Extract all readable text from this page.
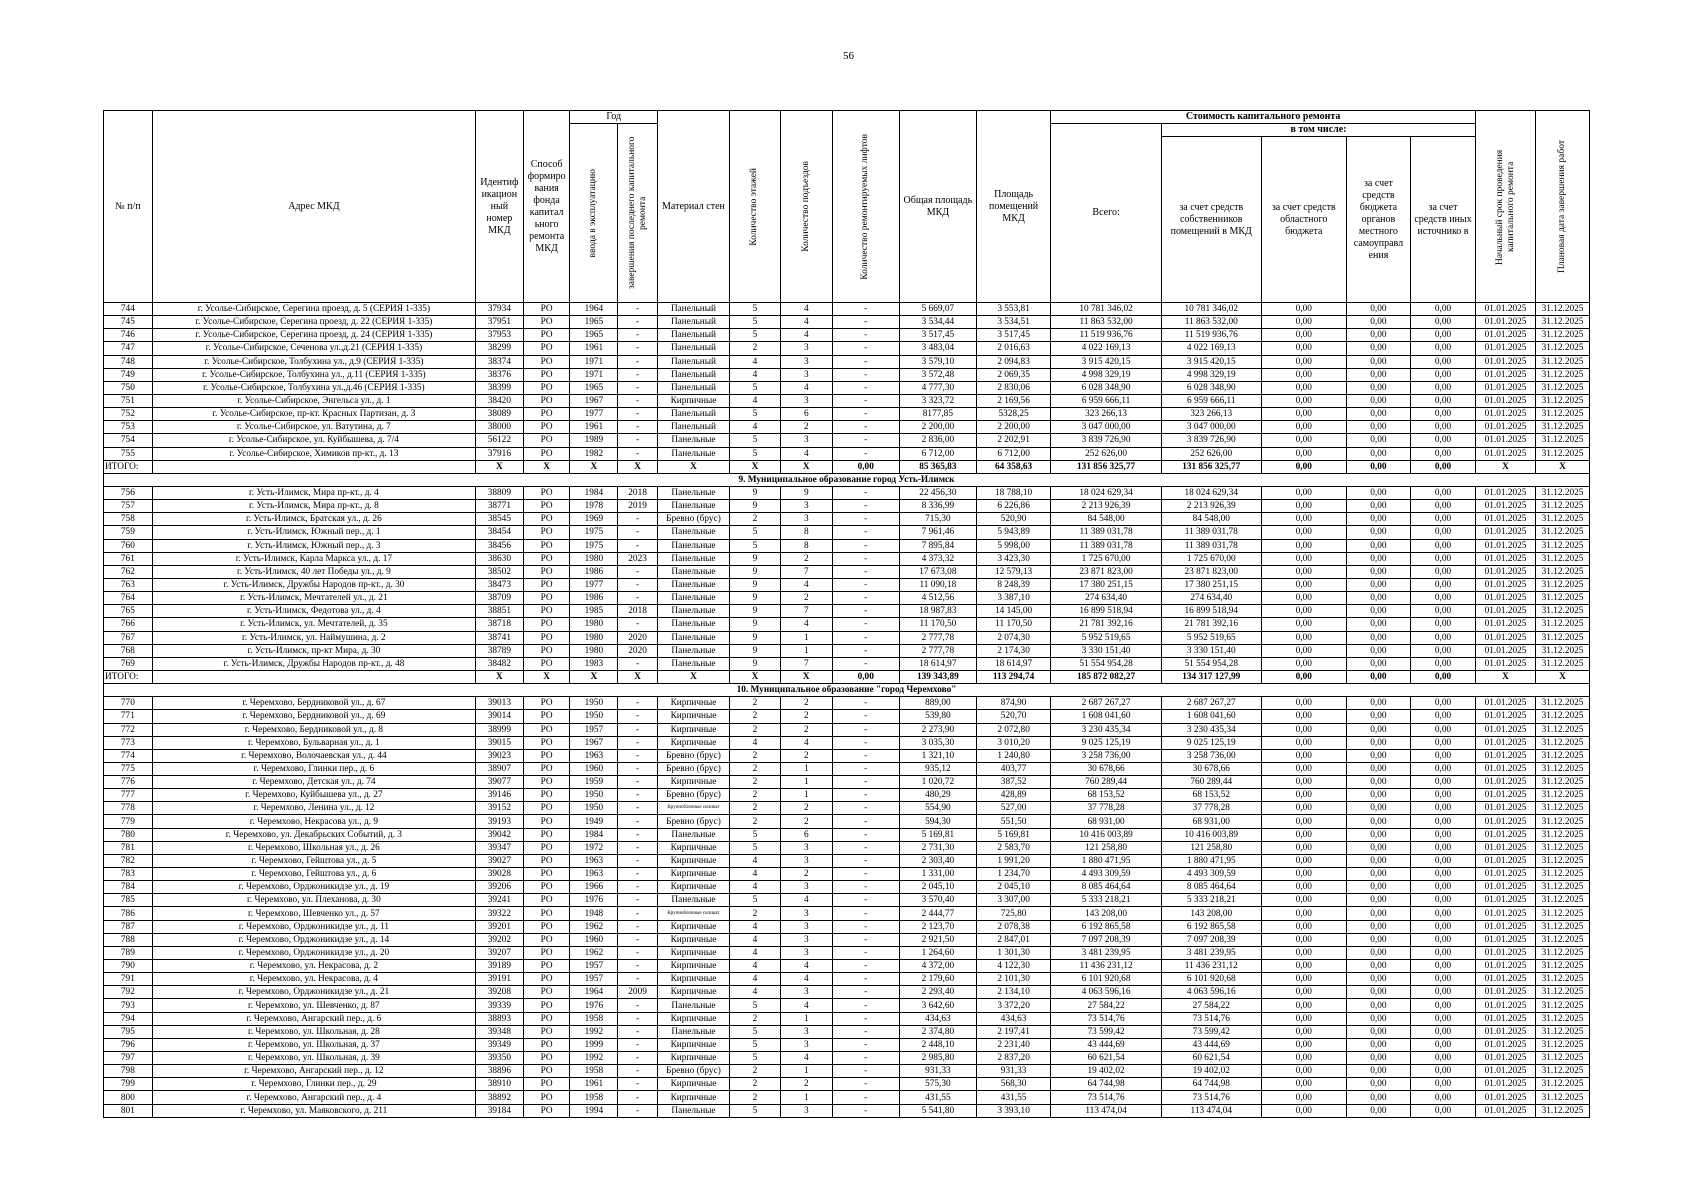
56
№ п/п	Адрес МКД	Идентиф икацион ный номер МКД	Способ формиро вания фонда капитал ьного ремонта МКД	Год		Материал стен	Количество этажей	Количество подъездов	Количество ремонтируемых лифтов	Общая площадь МКД	Площадь помещений МКД	Стоимость капитального ремонта					Начальный срок проведения капитального ремонта	Плановая дата завершения работ

				ввода в эксплуатацию	завершения последнего капитального ремонта							Всего:	в том числе:					
													за счет средств собственников помещений в МКД	за счет средств областного бюджета	за счет средств бюджета органов местного самоуправл ения	за счет средств иных источнико в		
744	г. Усолье-Сибирское, Серегина проезд, д. 5 (СЕРИЯ 1-335)	37934	РО	1964	-	Панельный	5	4	-	5 669,07	3 553,81	10 781 346,02	10 781 346,02	0,00	0,00	0,00	01.01.2025	31.12.2025
745	г. Усолье-Сибирское, Серегина проезд, д. 22 (СЕРИЯ 1-335)	37951	РО	1965	-	Панельный	5	4	-	3 534,44	3 534,51	11 863 532,00	11 863 532,00	0,00	0,00	0,00	01.01.2025	31.12.2025
746	г. Усолье-Сибирское, Серегина проезд, д. 24 (СЕРИЯ 1-335)	37953	РО	1965	-	Панельный	5	4	-	3 517,45	3 517,45	11 519 936,76	11 519 936,76	0,00	0,00	0,00	01.01.2025	31.12.2025
747	г. Усолье-Сибирское, Сеченова ул.,д.21 (СЕРИЯ 1-335)	38299	РО	1961	-	Панельный	2	3	-	3 483,04	2 016,63	4 022 169,13	4 022 169,13	0,00	0,00	0,00	01.01.2025	31.12.2025
748	г. Усолье-Сибирское, Толбухина ул., д.9 (СЕРИЯ 1-335)	38374	РО	1971	-	Панельный	4	3	-	3 579,10	2 094,83	3 915 420,15	3 915 420,15	0,00	0,00	0,00	01.01.2025	31.12.2025
749	г. Усолье-Сибирское, Толбухина ул., д.11 (СЕРИЯ 1-335)	38376	РО	1971	-	Панельный	4	3	-	3 572,48	2 069,35	4 998 329,19	4 998 329,19	0,00	0,00	0,00	01.01.2025	31.12.2025
750	г. Усолье-Сибирское, Толбухина ул.,д.46 (СЕРИЯ 1-335)	38399	РО	1965	-	Панельный	5	4	-	4 777,30	2 830,06	6 028 348,90	6 028 348,90	0,00	0,00	0,00	01.01.2025	31.12.2025
751	г. Усолье-Сибирское, Энгельса ул., д. 1	38420	РО	1967	-	Кирпичные	4	3	-	3 323,72	2 169,56	6 959 666,11	6 959 666,11	0,00	0,00	0,00	01.01.2025	31.12.2025
752	г. Усолье-Сибирское, пр-кт. Красных Партизан, д. 3	38089	РО	1977	-	Панельный	5	6	-	8177,85	5328,25	323 266,13	323 266,13	0,00	0,00	0,00	01.01.2025	31.12.2025
753	г. Усолье-Сибирское, ул. Ватутина, д. 7	38000	РО	1961	-	Панельный	4	2	-	2 200,00	2 200,00	3 047 000,00	3 047 000,00	0,00	0,00	0,00	01.01.2025	31.12.2025
754	г. Усолье-Сибирское, ул. Куйбышева, д. 7/4	56122	РО	1989	-	Панельные	5	3	-	2 836,00	2 202,91	3 839 726,90	3 839 726,90	0,00	0,00	0,00	01.01.2025	31.12.2025
755	г. Усолье-Сибирское, Химиков пр-кт., д. 13	37916	РО	1982	-	Панельные	5	4	-	6 712,00	6 712,00	252 626,00	252 626,00	0,00	0,00	0,00	01.01.2025	31.12.2025
ИТОГО:		X	X	X	X	X	X	X	0,00	85 365,83	64 358,63	131 856 325,77	131 856 325,77	0,00	0,00	0,00	X	X
9. Муниципальное образование город Усть-Илимск																		
756	г. Усть-Илимск, Мира пр-кт., д. 4	38809	РО	1984	2018	Панельные	9	9	-	22 456,30	18 788,10	18 024 629,34	18 024 629,34	0,00	0,00	0,00	01.01.2025	31.12.2025
757	г. Усть-Илимск, Мира пр-кт., д. 8	38771	РО	1978	2019	Панельные	9	3	-	8 336,99	6 226,86	2 213 926,39	2 213 926,39	0,00	0,00	0,00	01.01.2025	31.12.2025
758	г. Усть-Илимск, Братская ул., д. 26	38545	РО	1969	-	Бревно (брус)	2	3	-	715,30	520,90	84 548,00	84 548,00	0,00	0,00	0,00	01.01.2025	31.12.2025
759	г. Усть-Илимск, Южный пер., д. 1	38454	РО	1975	-	Панельные	5	8	-	7 961,46	5 943,89	11 389 031,78	11 389 031,78	0,00	0,00	0,00	01.01.2025	31.12.2025
760	г. Усть-Илимск, Южный пер., д. 3	38456	РО	1975	-	Панельные	5	8	-	7 895,84	5 998,00	11 389 031,78	11 389 031,78	0,00	0,00	0,00	01.01.2025	31.12.2025
761	г. Усть-Илимск, Карла Маркса ул., д. 17	38630	РО	1980	2023	Панельные	9	2	-	4 373,32	3 423,30	1 725 670,00	1 725 670,00	0,00	0,00	0,00	01.01.2025	31.12.2025
762	г. Усть-Илимск, 40 лет Победы ул., д. 9	38502	РО	1986	-	Панельные	9	7	-	17 673,08	12 579,13	23 871 823,00	23 871 823,00	0,00	0,00	0,00	01.01.2025	31.12.2025
763	г. Усть-Илимск, Дружбы Народов пр-кт., д. 30	38473	РО	1977	-	Панельные	9	4	-	11 090,18	8 248,39	17 380 251,15	17 380 251,15	0,00	0,00	0,00	01.01.2025	31.12.2025
764	г. Усть-Илимск, Мечтателей ул., д. 21	38709	РО	1986	-	Панельные	9	2	-	4 512,56	3 387,10	274 634,40	274 634,40	0,00	0,00	0,00	01.01.2025	31.12.2025
765	г. Усть-Илимск, Федотова ул., д. 4	38851	РО	1985	2018	Панельные	9	7	-	18 987,83	14 145,00	16 899 518,94	16 899 518,94	0,00	0,00	0,00	01.01.2025	31.12.2025
766	г. Усть-Илимск, ул. Мечтателей, д. 35	38718	РО	1980	-	Панельные	9	4	-	11 170,50	11 170,50	21 781 392,16	21 781 392,16	0,00	0,00	0,00	01.01.2025	31.12.2025
767	г. Усть-Илимск, ул. Наймушина, д. 2	38741	РО	1980	2020	Панельные	9	1	-	2 777,78	2 074,30	5 952 519,65	5 952 519,65	0,00	0,00	0,00	01.01.2025	31.12.2025
768	г. Усть-Илимск, пр-кт Мира, д. 30	38789	РО	1980	2020	Панельные	9	1	-	2 777,78	2 174,30	3 330 151,40	3 330 151,40	0,00	0,00	0,00	01.01.2025	31.12.2025
769	г. Усть-Илимск, Дружбы Народов пр-кт., д. 48	38482	РО	1983	-	Панельные	9	7	-	18 614,97	18 614,97	51 554 954,28	51 554 954,28	0,00	0,00	0,00	01.01.2025	31.12.2025
ИТОГО:		X	X	X	X	X	X	X	0,00	139 343,89	113 294,74	185 872 082,27	134 317 127,99	0,00	0,00	0,00	X	X
10. Муниципальное образование "город Черемхово"																		
770	г. Черемхово, Бердниковой ул., д. 67	39013	РО	1950	-	Кирпичные	2	2	-	889,00	874,90	2 687 267,27	2 687 267,27	0,00	0,00	0,00	01.01.2025	31.12.2025
771	г. Черемхово, Бердниковой ул., д. 69	39014	РО	1950	-	Кирпичные	2	2	-	539,80	520,70	1 608 041,60	1 608 041,60	0,00	0,00	0,00	01.01.2025	31.12.2025
772	г. Черемхово, Бердниковой ул., д. 8	38999	РО	1957	-	Кирпичные	2	2	-	2 273,90	2 072,80	3 230 435,34	3 230 435,34	0,00	0,00	0,00	01.01.2025	31.12.2025
773	г. Черемхово, Бульварная ул., д. 1	39015	РО	1967	-	Кирпичные	4	4	-	3 035,30	3 010,20	9 025 125,19	9 025 125,19	0,00	0,00	0,00	01.01.2025	31.12.2025
774	г. Черемхово, Волочаевская ул., д. 44	39023	РО	1963	-	Бревно (брус)	2	2	-	1 321,10	1 240,80	3 258 736,00	3 258 736,00	0,00	0,00	0,00	01.01.2025	31.12.2025
775	г. Черемхово, Глинки пер., д. 6	38907	РО	1960	-	Бревно (брус)	2	1	-	935,12	403,77	30 678,66	30 678,66	0,00	0,00	0,00	01.01.2025	31.12.2025
776	г. Черемхово, Детская ул., д. 74	39077	РО	1959	-	Кирпичные	2	1	-	1 020,72	387,52	760 289,44	760 289,44	0,00	0,00	0,00	01.01.2025	31.12.2025
777	г. Черемхово, Куйбышева ул., д. 27	39146	РО	1950	-	Бревно (брус)	2	1	-	480,29	428,89	68 153,52	68 153,52	0,00	0,00	0,00	01.01.2025	31.12.2025
778	г. Черемхово, Ленина ул., д. 12	39152	РО	1950	-	Крупноблочные силикат	2	2	-	554,90	527,00	37 778,28	37 778,28	0,00	0,00	0,00	01.01.2025	31.12.2025
779	г. Черемхово, Некрасова ул., д. 9	39193	РО	1949	-	Бревно (брус)	2	2	-	594,30	551,50	68 931,00	68 931,00	0,00	0,00	0,00	01.01.2025	31.12.2025
780	г. Черемхово, ул. Декабрьских Событий, д. 3	39042	РО	1984	-	Панельные	5	6	-	5 169,81	5 169,81	10 416 003,89	10 416 003,89	0,00	0,00	0,00	01.01.2025	31.12.2025
781	г. Черемхово, Школьная ул., д. 26	39347	РО	1972	-	Кирпичные	5	3	-	2 731,30	2 583,70	121 258,80	121 258,80	0,00	0,00	0,00	01.01.2025	31.12.2025
782	г. Черемхово, Гейштова ул., д. 5	39027	РО	1963	-	Кирпичные	4	3	-	2 303,40	1 991,20	1 880 471,95	1 880 471,95	0,00	0,00	0,00	01.01.2025	31.12.2025
783	г. Черемхово, Гейштова ул., д. 6	39028	РО	1963	-	Кирпичные	4	2	-	1 331,00	1 234,70	4 493 309,59	4 493 309,59	0,00	0,00	0,00	01.01.2025	31.12.2025
784	г. Черемхово, Орджоникидзе ул., д. 19	39206	РО	1966	-	Кирпичные	4	3	-	2 045,10	2 045,10	8 085 464,64	8 085 464,64	0,00	0,00	0,00	01.01.2025	31.12.2025
785	г. Черемхово, ул. Плеханова, д. 30	39241	РО	1976	-	Панельные	5	4	-	3 570,40	3 307,00	5 333 218,21	5 333 218,21	0,00	0,00	0,00	01.01.2025	31.12.2025
786	г. Черемхово, Шевченко ул., д. 57	39322	РО	1948	-	Крупноблочные силикат	2	3	-	2 444,77	725,80	143 208,00	143 208,00	0,00	0,00	0,00	01.01.2025	31.12.2025
787	г. Черемхово, Орджоникидзе ул., д. 11	39201	РО	1962	-	Кирпичные	4	3	-	2 123,70	2 078,38	6 192 865,58	6 192 865,58	0,00	0,00	0,00	01.01.2025	31.12.2025
788	г. Черемхово, Орджоникидзе ул., д. 14	39202	РО	1960	-	Кирпичные	4	3	-	2 921,50	2 847,01	7 097 208,39	7 097 208,39	0,00	0,00	0,00	01.01.2025	31.12.2025
789	г. Черемхово, Орджоникидзе ул., д. 20	39207	РО	1962	-	Кирпичные	4	3	-	1 264,60	1 301,30	3 481 239,95	3 481 239,95	0,00	0,00	0,00	01.01.2025	31.12.2025
790	г. Черемхово, ул. Некрасова, д. 2	39189	РО	1957	-	Кирпичные	4	4	-	4 372,00	4 122,30	11 436 231,12	11 436 231,12	0,00	0,00	0,00	01.01.2025	31.12.2025
791	г. Черемхово, ул. Некрасова, д. 4	39191	РО	1957	-	Кирпичные	4	4	-	2 179,60	2 101,30	6 101 920,68	6 101 920,68	0,00	0,00	0,00	01.01.2025	31.12.2025
792	г. Черемхово, Орджоникидзе ул., д. 21	39208	РО	1964	2009	Кирпичные	4	3	-	2 293,40	2 134,10	4 063 596,16	4 063 596,16	0,00	0,00	0,00	01.01.2025	31.12.2025
793	г. Черемхово, ул. Шевченко, д. 87	39339	РО	1976	-	Панельные	5	4	-	3 642,60	3 372,20	27 584,22	27 584,22	0,00	0,00	0,00	01.01.2025	31.12.2025
794	г. Черемхово, Ангарский пер., д. 6	38893	РО	1958	-	Кирпичные	2	1	-	434,63	434,63	73 514,76	73 514,76	0,00	0,00	0,00	01.01.2025	31.12.2025
795	г. Черемхово, ул. Школьная, д. 28	39348	РО	1992	-	Панельные	5	3	-	2 374,80	2 197,41	73 599,42	73 599,42	0,00	0,00	0,00	01.01.2025	31.12.2025
796	г. Черемхово, ул. Школьная, д. 37	39349	РО	1999	-	Кирпичные	5	3	-	2 448,10	2 231,40	43 444,69	43 444,69	0,00	0,00	0,00	01.01.2025	31.12.2025
797	г. Черемхово, ул. Школьная, д. 39	39350	РО	1992	-	Кирпичные	5	4	-	2 985,80	2 837,20	60 621,54	60 621,54	0,00	0,00	0,00	01.01.2025	31.12.2025
798	г. Черемхово, Ангарский пер., д. 12	38896	РО	1958	-	Бревно (брус)	2	1	-	931,33	931,33	19 402,02	19 402,02	0,00	0,00	0,00	01.01.2025	31.12.2025
799	г. Черемхово, Глинки пер., д. 29	38910	РО	1961	-	Кирпичные	2	2	-	575,30	568,30	64 744,98	64 744,98	0,00	0,00	0,00	01.01.2025	31.12.2025
800	г. Черемхово, Ангарский пер., д. 4	38892	РО	1958	-	Кирпичные	2	1	-	431,55	431,55	73 514,76	73 514,76	0,00	0,00	0,00	01.01.2025	31.12.2025
801	г. Черемхово, ул. Маяковского, д. 211	39184	РО	1994	-	Панельные	5	3	-	5 541,80	3 393,10	113 474,04	113 474,04	0,00	0,00	0,00	01.01.2025	31.12.2025
